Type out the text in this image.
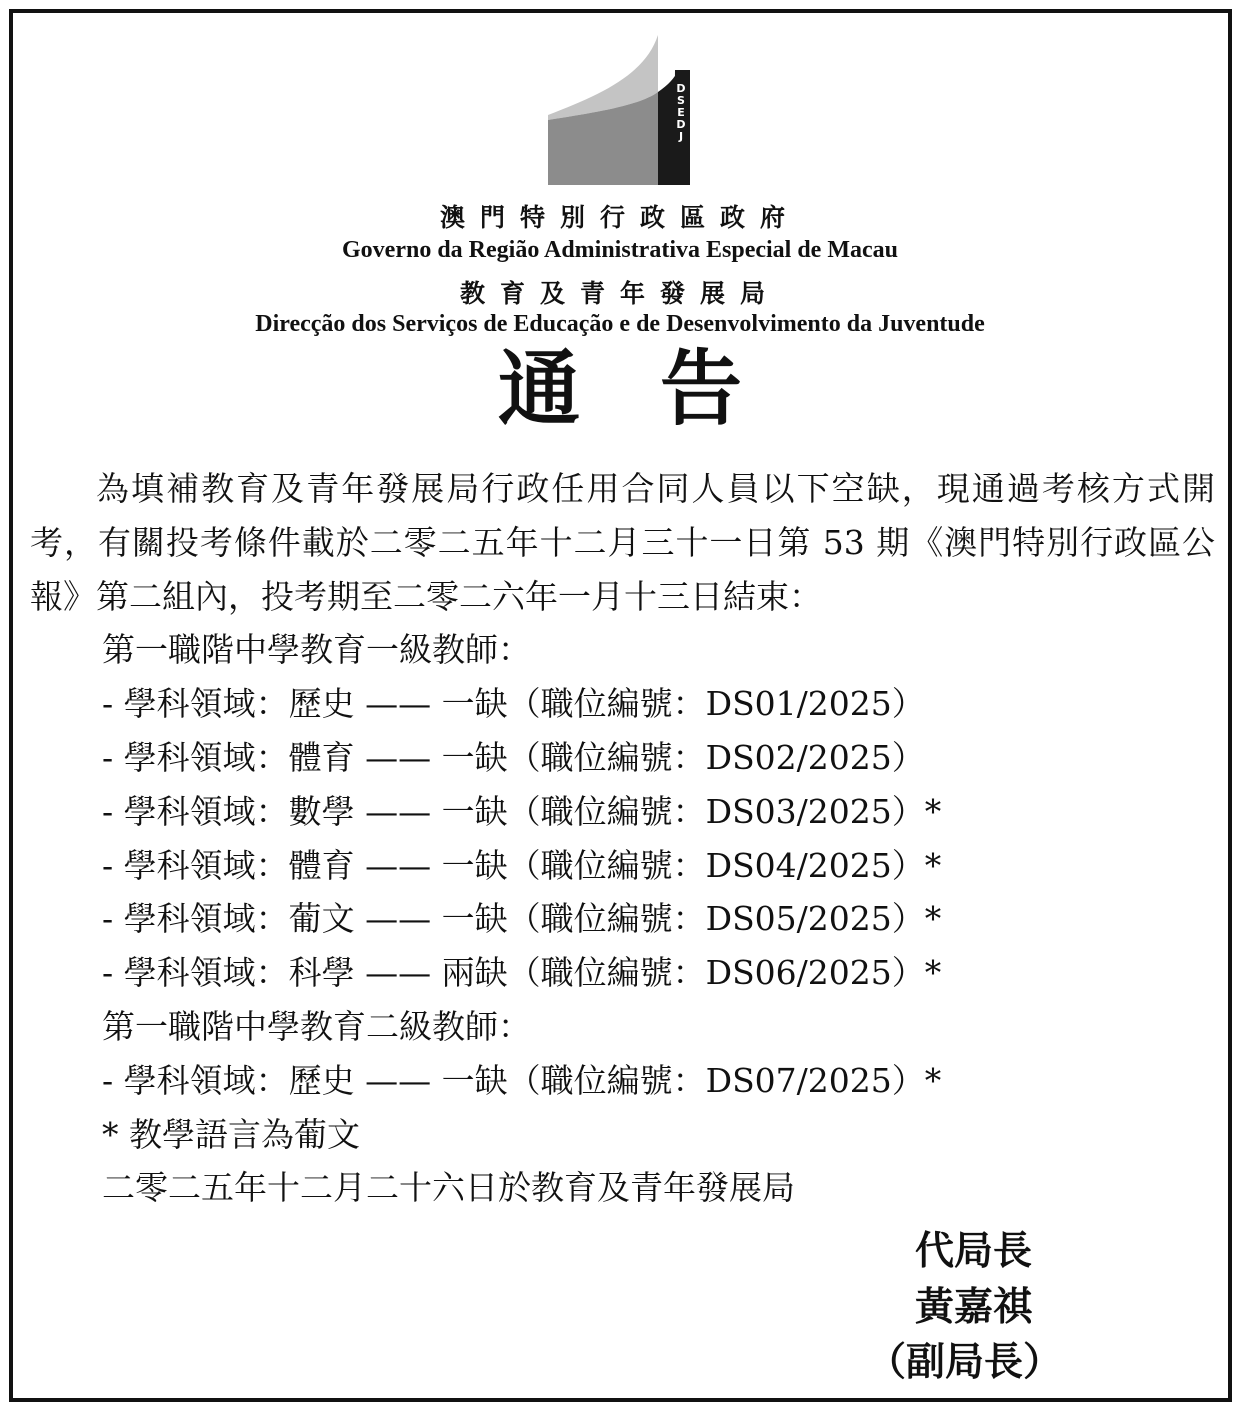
D S E D J
澳門特別行政區政府
Governo da Região Administrativa Especial de Macau
教育及青年發展局
Direcção dos Serviços de Educação e de Desenvolvimento da Juventude
通告

為填補教育及青年發展局行政任用合同人員以下空缺，現通過考核方式開考，有關投考條件載於二零二五年十二月三十一日第 53 期《澳門特別行政區公報》第二組內，投考期至二零二六年一月十三日結束：

第一職階中學教育一級教師：
- 學科領域：歷史 —— 一缺（職位編號：DS01/2025）
- 學科領域：體育 —— 一缺（職位編號：DS02/2025）
- 學科領域：數學 —— 一缺（職位編號：DS03/2025）*
- 學科領域：體育 —— 一缺（職位編號：DS04/2025）*
- 學科領域：葡文 —— 一缺（職位編號：DS05/2025）*
- 學科領域：科學 —— 兩缺（職位編號：DS06/2025）*
第一職階中學教育二級教師：
- 學科領域：歷史 —— 一缺（職位編號：DS07/2025）*
* 教學語言為葡文
二零二五年十二月二十六日於教育及青年發展局
代局長
黃嘉祺
（副局長）
